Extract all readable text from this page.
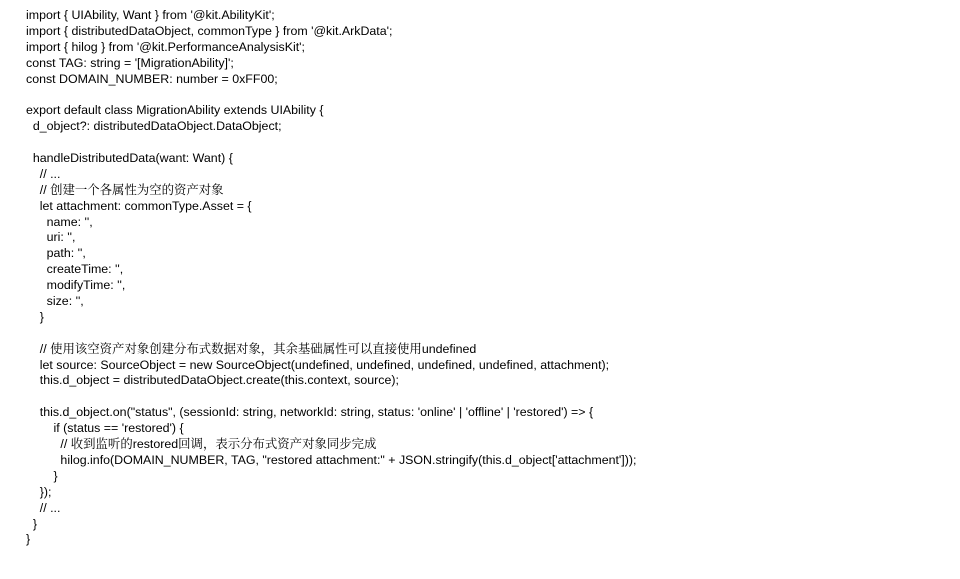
import { UIAbility, Want } from '@kit.AbilityKit';
import { distributedDataObject, commonType } from '@kit.ArkData';
import { hilog } from '@kit.PerformanceAnalysisKit';
const TAG: string = '[MigrationAbility]';
const DOMAIN_NUMBER: number = 0xFF00;
export default class MigrationAbility extends UIAbility {
d_object?: distributedDataObject.DataObject;
handleDistributedData(want: Want) {
// ...
// 创建一个各属性为空的资产对象
let attachment: commonType.Asset = {
name: '',
uri: '',
path: '',
createTime: '',
modifyTime: '',
size: '',
}
// 使用该空资产对象创建分布式数据对象，其余基础属性可以直接使用undefined
let source: SourceObject = new SourceObject(undefined, undefined, undefined, undefined, attachment);
this.d_object = distributedDataObject.create(this.context, source);
this.d_object.on("status", (sessionId: string, networkId: string, status: 'online' | 'offline' | 'restored') => {
if (status == 'restored') {
// 收到监听的restored回调，表示分布式资产对象同步完成
hilog.info(DOMAIN_NUMBER, TAG, "restored attachment:" + JSON.stringify(this.d_object['attachment']));
}
});
// ...
}
}
